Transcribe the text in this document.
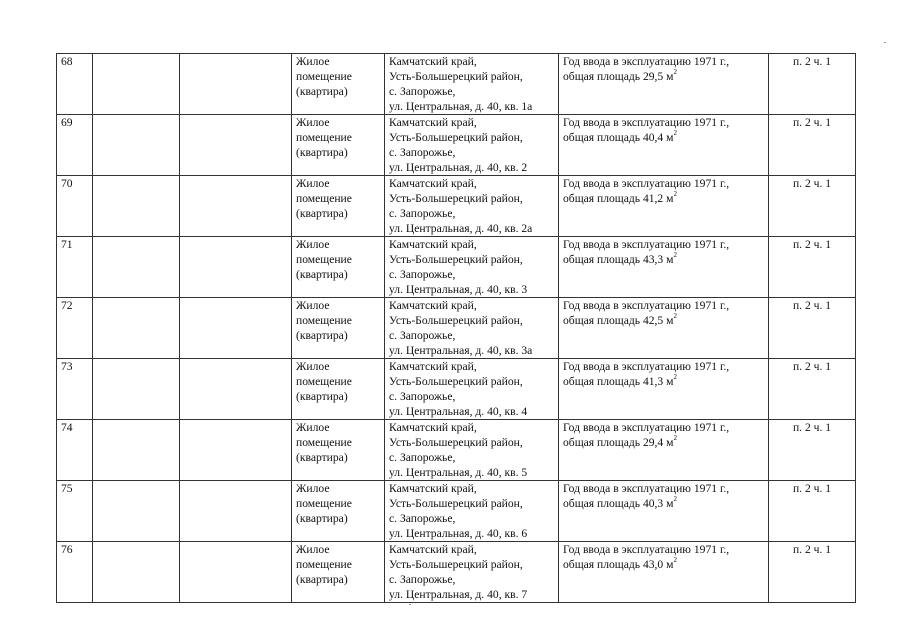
68			Жилое
помещение
(квартира)	Камчатский край,
Усть-Большерецкий район,
с. Запорожье,
ул. Центральная, д. 40, кв. 1а	Год ввода в эксплуатацию 1971 г.,
общая площадь 29,5 $м^2$	п. 2 ч. 1
69			Жилое
помещение
(квартира)	Камчатский край,
Усть-Большерецкий район,
с. Запорожье,
ул. Центральная, д. 40, кв. 2	Год ввода в эксплуатацию 1971 г.,
общая площадь 40,4 $м^2$	п. 2 ч. 1
70			Жилое
помещение
(квартира)	Камчатский край,
Усть-Большерецкий район,
с. Запорожье,
ул. Центральная, д. 40, кв. 2а	Год ввода в эксплуатацию 1971 г.,
общая площадь 41,2 $м^2$	п. 2 ч. 1
71			Жилое
помещение
(квартира)	Камчатский край,
Усть-Большерецкий район,
с. Запорожье,
ул. Центральная, д. 40, кв. 3	Год ввода в эксплуатацию 1971 г.,
общая площадь 43,3 $м^2$	п. 2 ч. 1
72			Жилое
помещение
(квартира)	Камчатский край,
Усть-Большерецкий район,
с. Запорожье,
ул. Центральная, д. 40, кв. 3а	Год ввода в эксплуатацию 1971 г.,
общая площадь 42,5 $м^2$	п. 2 ч. 1
73			Жилое
помещение
(квартира)	Камчатский край,
Усть-Большерецкий район,
с. Запорожье,
ул. Центральная, д. 40, кв. 4	Год ввода в эксплуатацию 1971 г.,
общая площадь 41,3 $м^2$	п. 2 ч. 1
74			Жилое
помещение
(квартира)	Камчатский край,
Усть-Большерецкий район,
с. Запорожье,
ул. Центральная, д. 40, кв. 5	Год ввода в эксплуатацию 1971 г.,
общая площадь 29,4 $м^2$	п. 2 ч. 1
75			Жилое
помещение
(квартира)	Камчатский край,
Усть-Большерецкий район,
с. Запорожье,
ул. Центральная, д. 40, кв. 6	Год ввода в эксплуатацию 1971 г.,
общая площадь 40,3 $м^2$	п. 2 ч. 1
76			Жилое
помещение
(квартира)	Камчатский край,
Усть-Большерецкий район,
с. Запорожье,
ул. Центральная, д. 40, кв. 7	Год ввода в эксплуатацию 1971 г.,
общая площадь 43,0 $м^2$	п. 2 ч. 1
